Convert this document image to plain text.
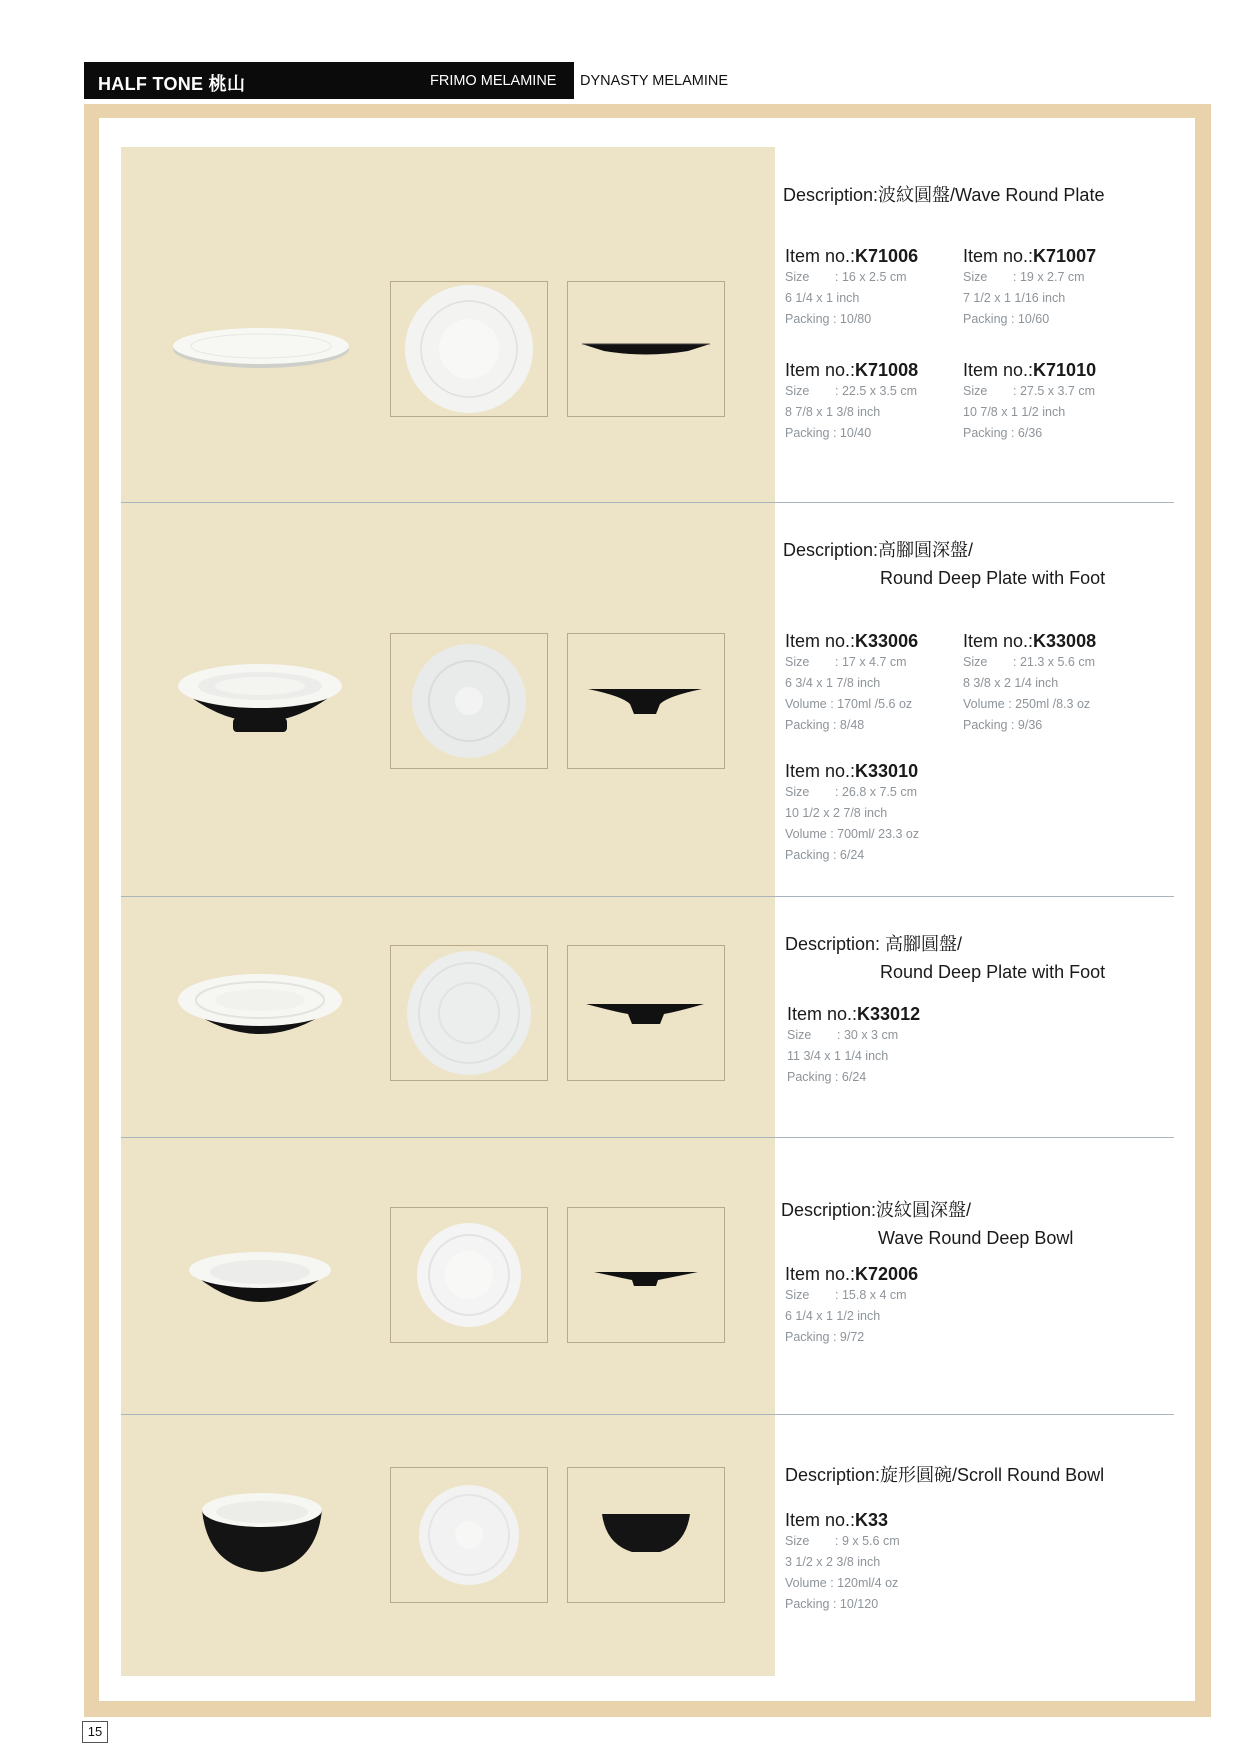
HALF TONE 桃山	FRIMO MELAMINE DYNASTY MELAMINE
Description:波紋圓盤/Wave Round Plate
Item no.:K71006
Size : 16 x 2.5 cm
6 1/4 x 1 inch
Packing : 10/80
Item no.:K71007
Size : 19 x 2.7 cm
7 1/2 x 1 1/16 inch
Packing : 10/60
Item no.:K71008
Size : 22.5 x 3.5 cm
8 7/8 x 1 3/8 inch
Packing : 10/40
Item no.:K71010
Size : 27.5 x 3.7 cm
10 7/8 x 1 1/2 inch
Packing : 6/36
Description:高腳圓深盤/
Round Deep Plate with Foot
Item no.:K33006
Size : 17 x 4.7 cm
6 3/4 x 1 7/8 inch
Volume : 170ml /5.6 oz
Packing : 8/48
Item no.:K33008
Size : 21.3 x 5.6 cm
8 3/8 x 2 1/4 inch
Volume : 250ml /8.3 oz
Packing : 9/36
Item no.:K33010
Size : 26.8 x 7.5 cm
10 1/2 x 2 7/8 inch
Volume : 700ml/ 23.3 oz
Packing : 6/24
Description: 高腳圓盤/
Round Deep Plate with Foot
Item no.:K33012
Size : 30 x 3 cm
11 3/4 x 1 1/4 inch
Packing : 6/24
Description:波紋圓深盤/
Wave Round Deep Bowl
Item no.:K72006
Size : 15.8 x 4 cm
6 1/4 x 1 1/2 inch
Packing : 9/72
Description:旋形圓碗/Scroll Round Bowl
Item no.:K33
Size : 9 x 5.6 cm
3 1/2 x 2 3/8 inch
Volume : 120ml/4 oz
Packing : 10/120
15
